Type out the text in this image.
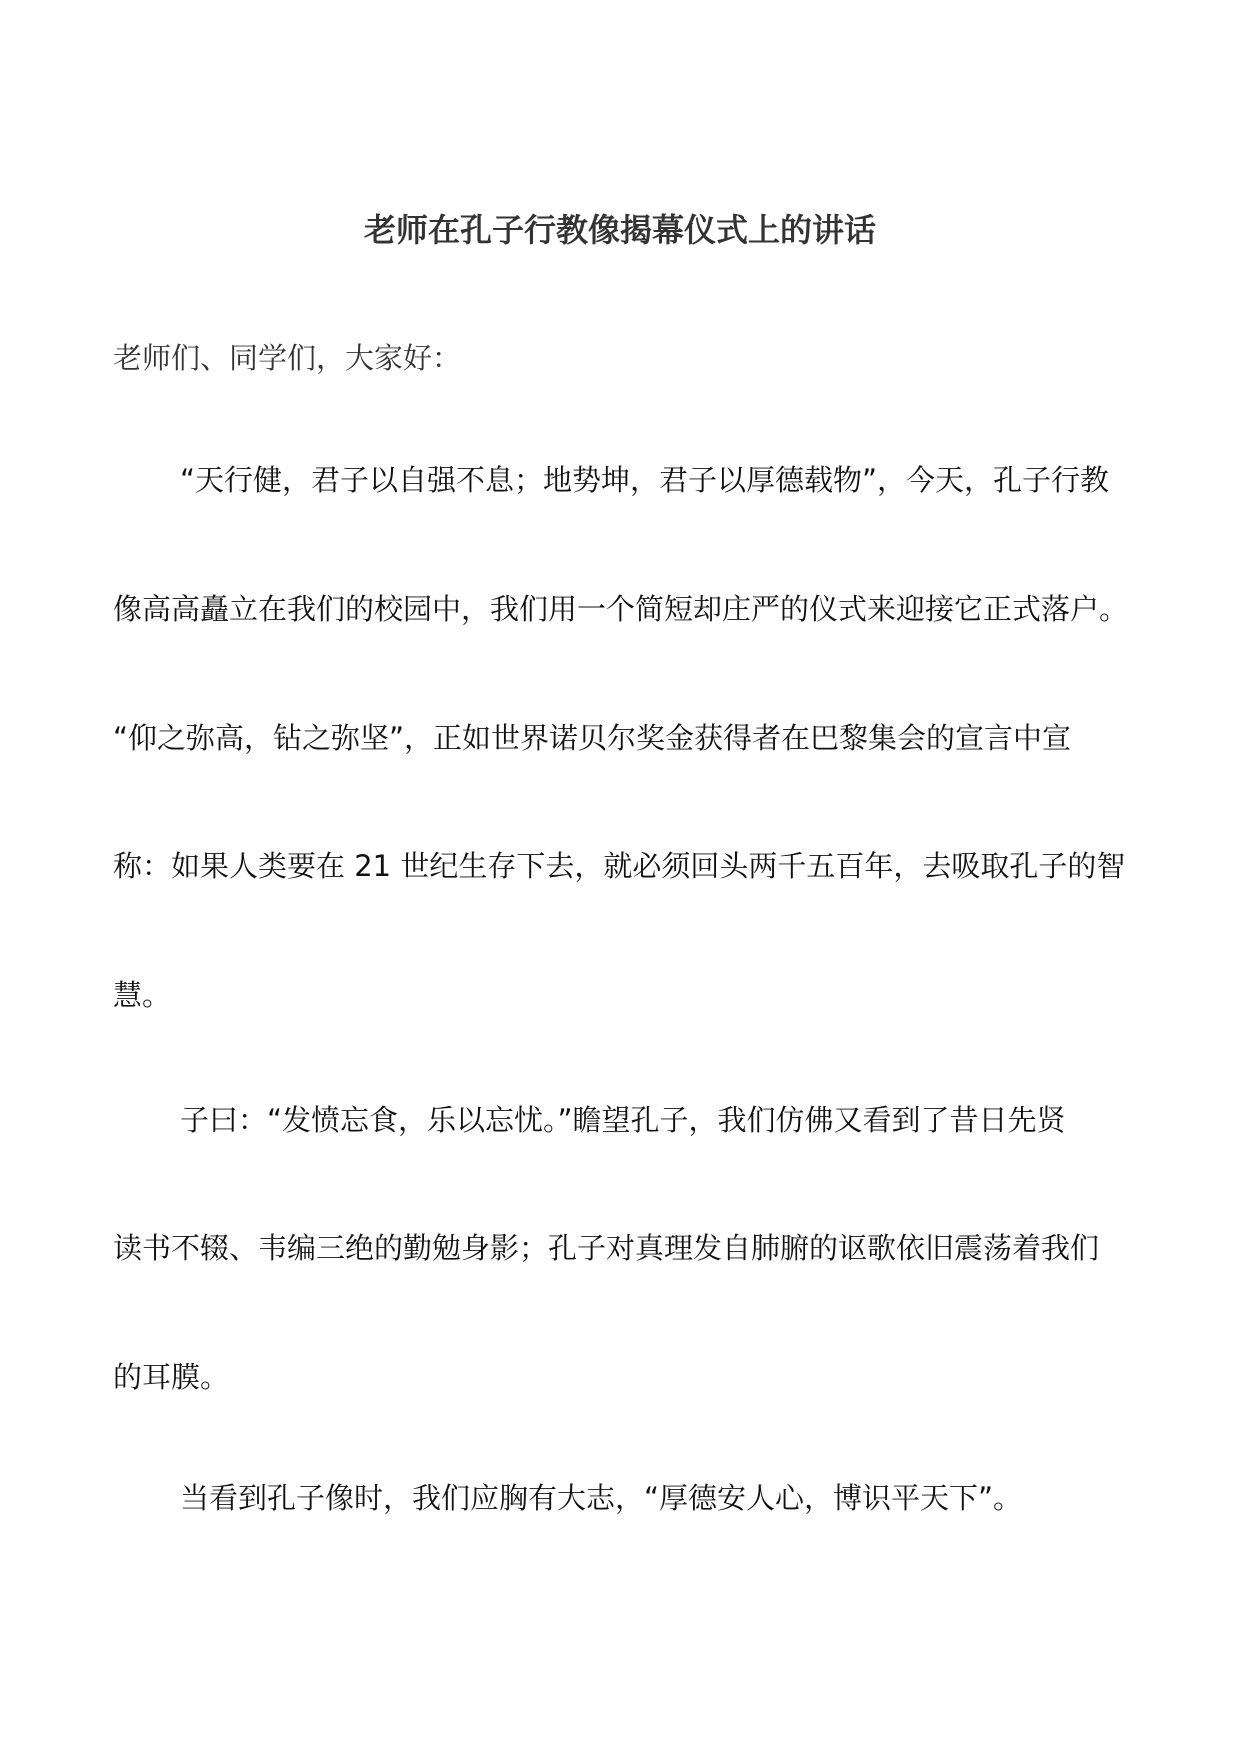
老师在孔子行教像揭幕仪式上的讲话

老师们、同学们，大家好：

“天行健，君子以自强不息；地势坤，君子以厚德载物”，今天，孔子行教

像高高矗立在我们的校园中，我们用一个简短却庄严的仪式来迎接它正式落户。

“仰之弥高，钻之弥坚”，正如世界诺贝尔奖金获得者在巴黎集会的宣言中宣

称：如果人类要在 21 世纪生存下去，就必须回头两千五百年，去吸取孔子的智

慧。

子曰：“发愤忘食，乐以忘忧。”瞻望孔子，我们仿佛又看到了昔日先贤

读书不辍、韦编三绝的勤勉身影；孔子对真理发自肺腑的讴歌依旧震荡着我们

的耳膜。

当看到孔子像时，我们应胸有大志，“厚德安人心，博识平天下”。
